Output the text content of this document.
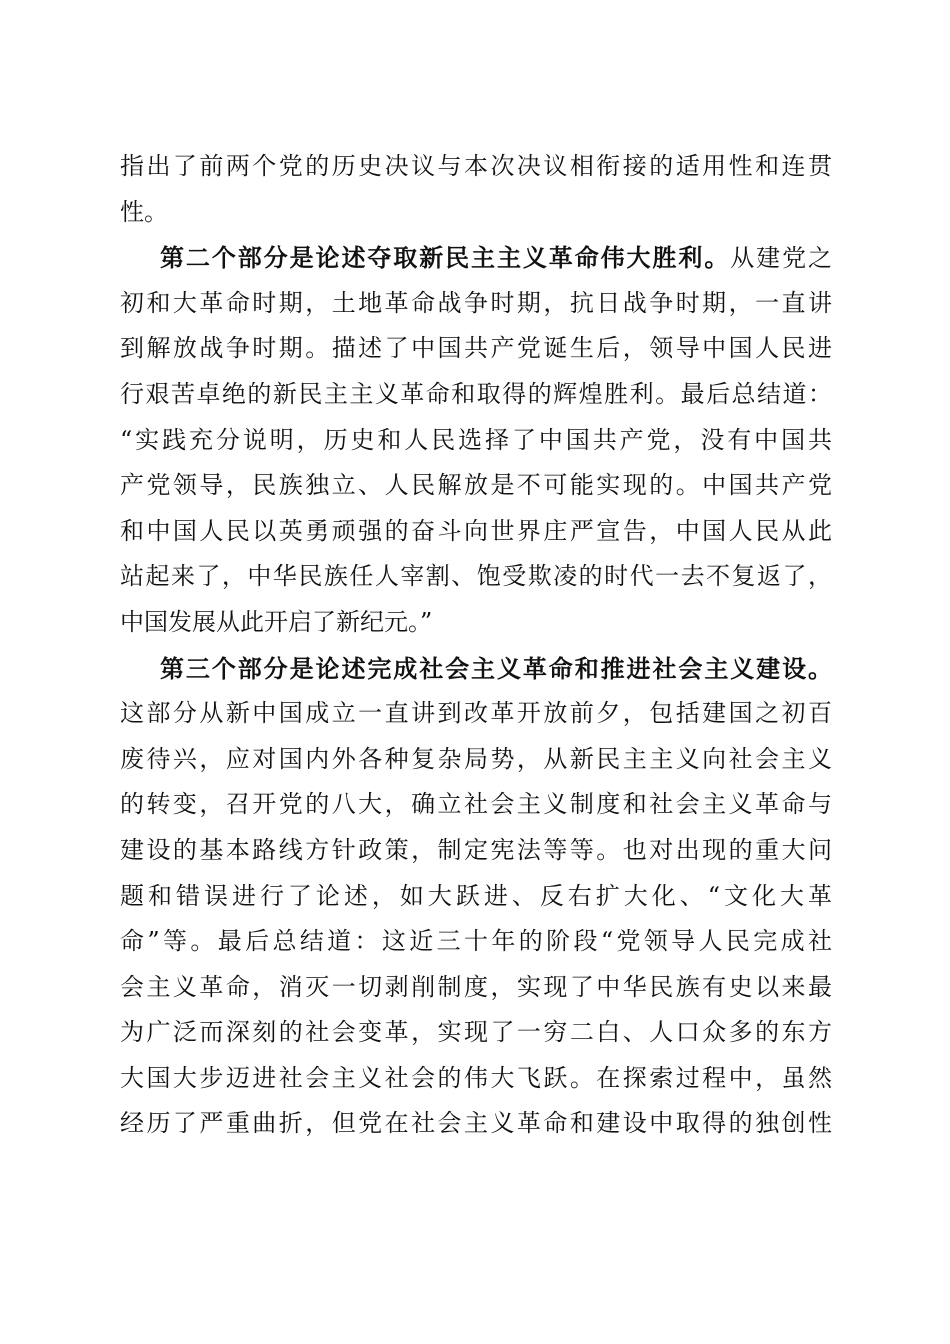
指出了前两个党的历史决议与本次决议相衔接的适用性和连贯
性。
第二个部分是论述夺取新民主主义革命伟大胜利。从建党之
初和大革命时期，土地革命战争时期，抗日战争时期，一直讲
到解放战争时期。描述了中国共产党诞生后，领导中国人民进
行艰苦卓绝的新民主主义革命和取得的辉煌胜利。最后总结道：
“实践充分说明，历史和人民选择了中国共产党，没有中国共
产党领导，民族独立、人民解放是不可能实现的。中国共产党
和中国人民以英勇顽强的奋斗向世界庄严宣告，中国人民从此
站起来了，中华民族任人宰割、饱受欺凌的时代一去不复返了，
中国发展从此开启了新纪元。”
第三个部分是论述完成社会主义革命和推进社会主义建设。
这部分从新中国成立一直讲到改革开放前夕，包括建国之初百
废待兴，应对国内外各种复杂局势，从新民主主义向社会主义
的转变，召开党的八大，确立社会主义制度和社会主义革命与
建设的基本路线方针政策，制定宪法等等。也对出现的重大问
题和错误进行了论述，如大跃进、反右扩大化、“文化大革
命”等。最后总结道：这近三十年的阶段“党领导人民完成社
会主义革命，消灭一切剥削制度，实现了中华民族有史以来最
为广泛而深刻的社会变革，实现了一穷二白、人口众多的东方
大国大步迈进社会主义社会的伟大飞跃。在探索过程中，虽然
经历了严重曲折，但党在社会主义革命和建设中取得的独创性
